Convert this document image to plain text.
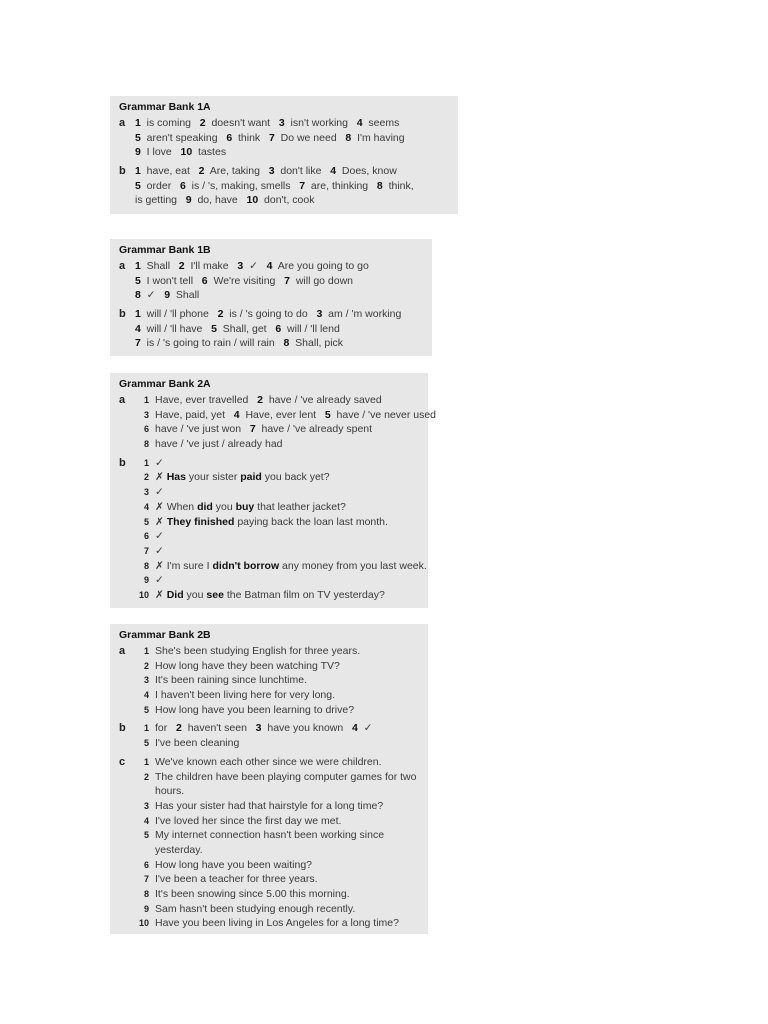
Grammar Bank 1A
a 1  is coming   2  doesn't want   3  isn't working   4  seems
5  aren't speaking   6  think   7  Do we need   8  I'm having
9  I love   10  tastes
b 1  have, eat   2  Are, taking   3  don't like   4  Does, know
5  order   6  is / 's, making, smells   7  are, thinking   8  think,
is getting   9  do, have   10  don't, cook
Grammar Bank 1B
a 1  Shall   2  I'll make   3  ✓   4  Are you going to go
5  I won't tell   6  We're visiting   7  will go down
8  ✓   9  Shall
b 1  will / 'll phone   2  is / 's going to do   3  am / 'm working
4  will / 'll have   5  Shall, get   6  will / 'll lend
7  is / 's going to rain / will rain   8  Shall, pick
Grammar Bank 2A
a	1 Have, ever travelled   2  have / 've already saved
3 Have, paid, yet   4  Have, ever lent   5  have / 've never used
6 have / 've just won   7  have / 've already spent
8 have / 've just / already had
b	1 ✓
2 ✗ Has your sister paid you back yet?
3 ✓
4 ✗ When did you buy that leather jacket?
5 ✗ They finished paying back the loan last month.
6 ✓
7 ✓
8 ✗ I'm sure I didn't borrow any money from you last week.
9 ✓
10 ✗ Did you see the Batman film on TV yesterday?
Grammar Bank 2B
a	1 She's been studying English for three years.
2 How long have they been watching TV?
3 It's been raining since lunchtime.
4 I haven't been living here for very long.
5 How long have you been learning to drive?
b	1 for   2  haven't seen   3  have you known   4  ✓
5 I've been cleaning
c	1 We've known each other since we were children.
2 The children have been playing computer games for two
hours.
3 Has your sister had that hairstyle for a long time?
4 I've loved her since the first day we met.
5 My internet connection hasn't been working since
yesterday.
6 How long have you been waiting?
7 I've been a teacher for three years.
8 It's been snowing since 5.00 this morning.
9 Sam hasn't been studying enough recently.
10 Have you been living in Los Angeles for a long time?
